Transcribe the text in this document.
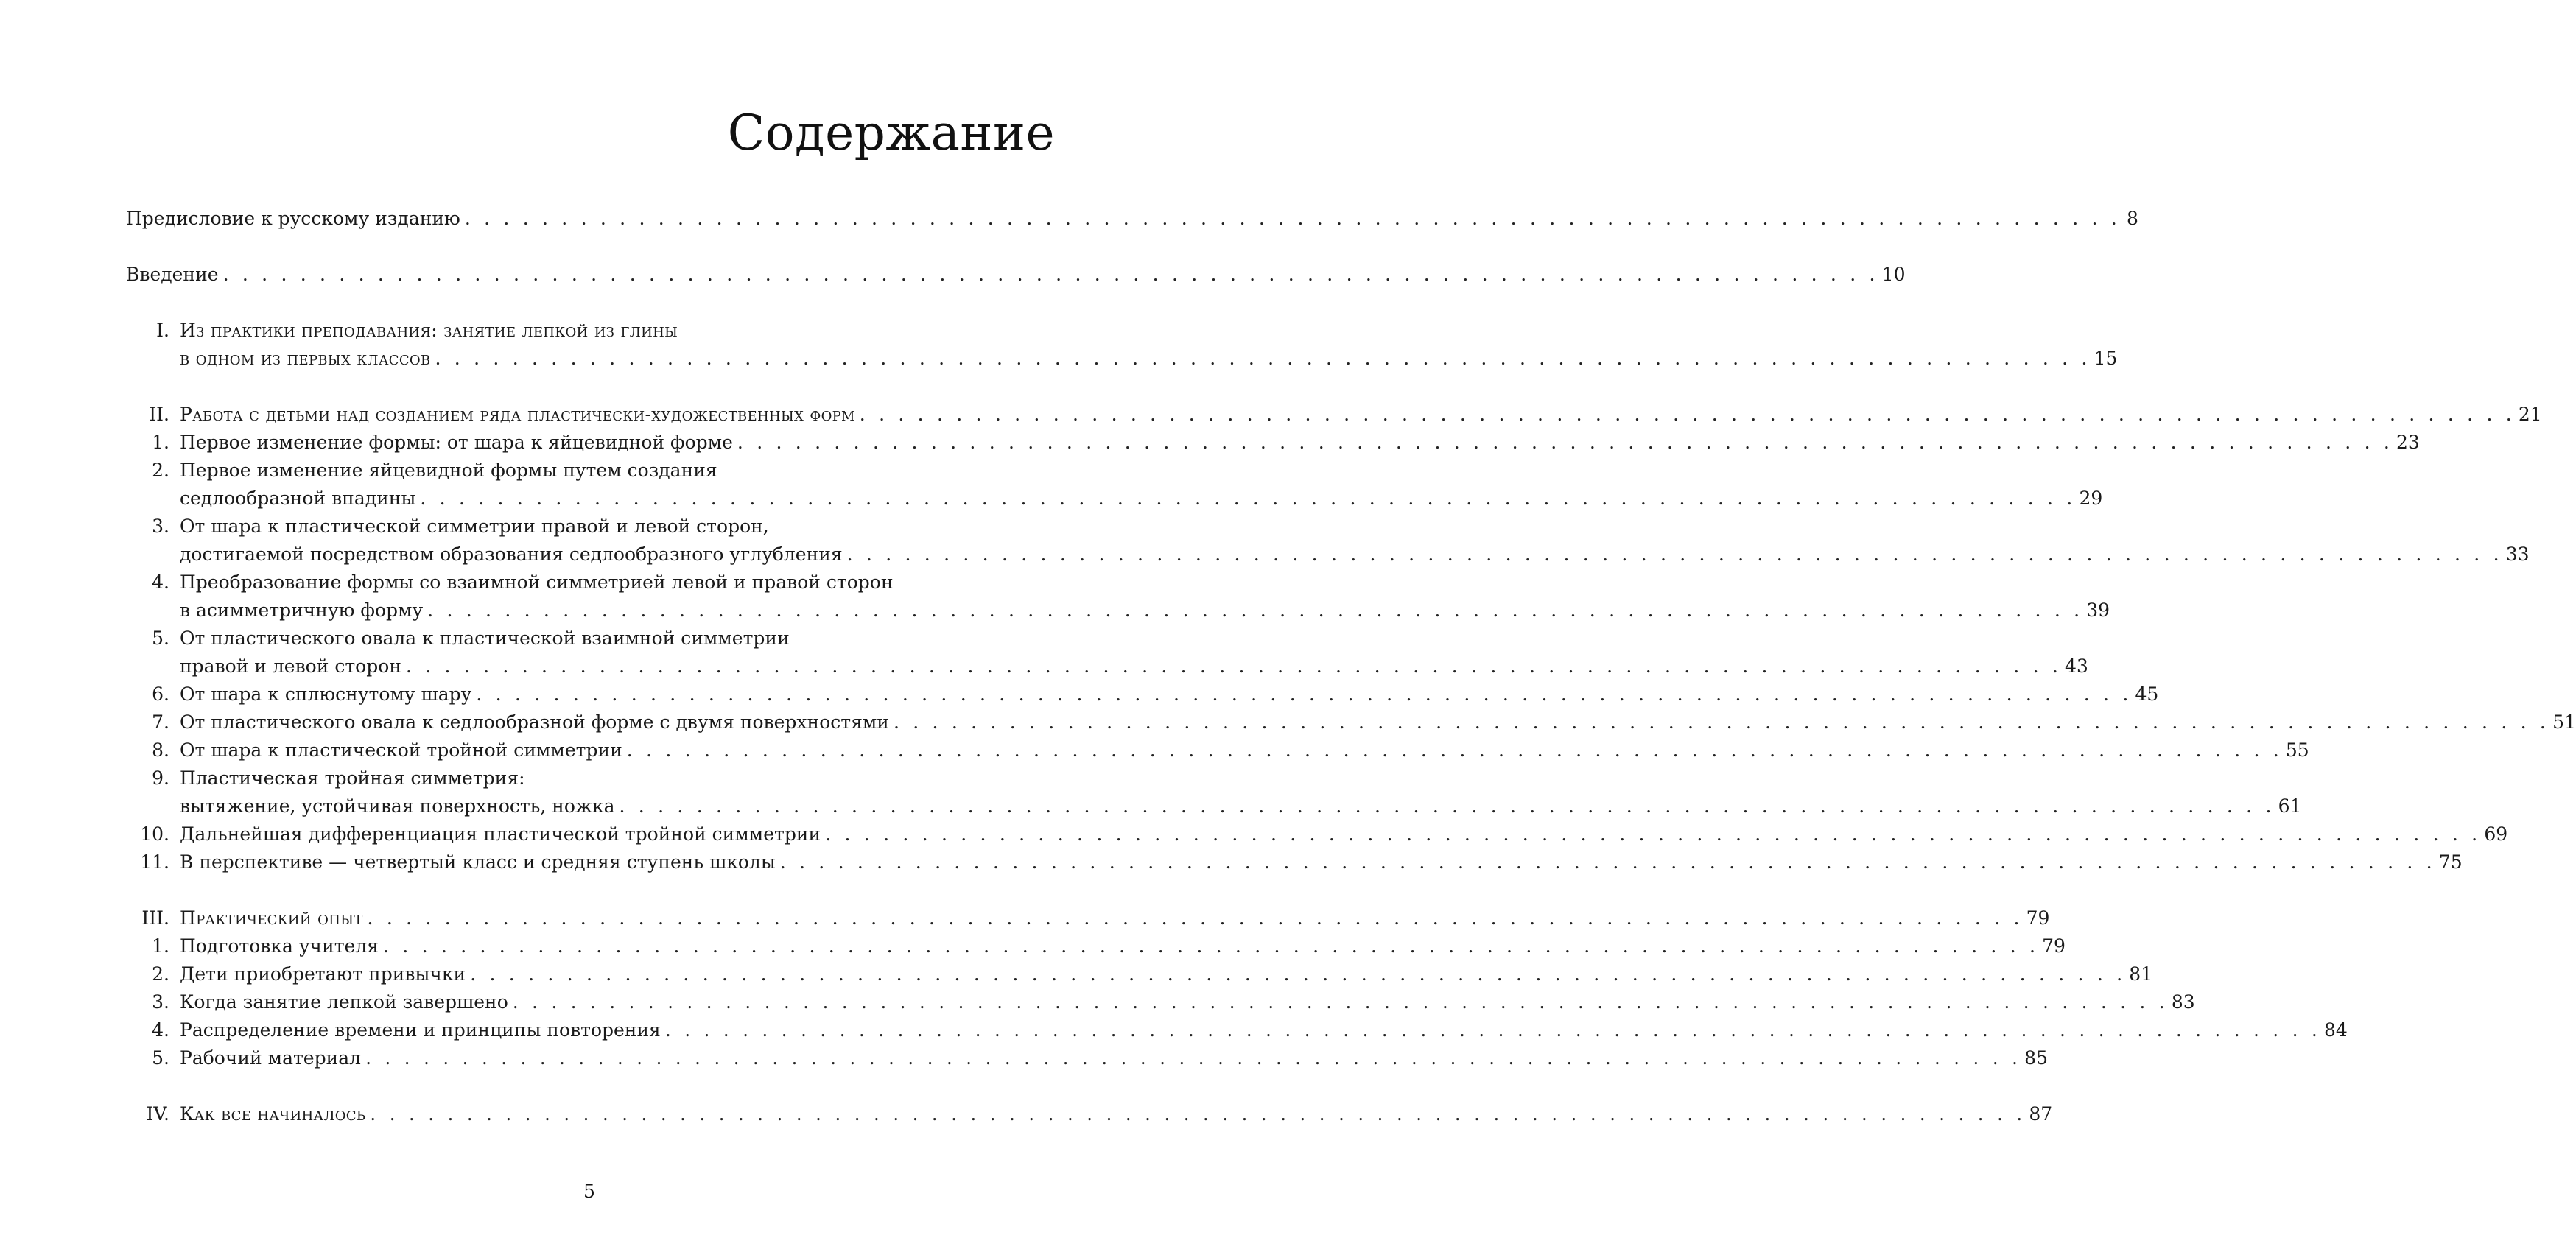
Содержание
Предисловие к русскому изданию . . . . . . . . . . . . . . . . . . . . . . . . . . . . . . . . . . . . . . . . . . . . . . . . . . . . . . . . . . . . . . . . . . . . . . . . . . . . . . . . . . . . . . 8
Введение . . . . . . . . . . . . . . . . . . . . . . . . . . . . . . . . . . . . . . . . . . . . . . . . . . . . . . . . . . . . . . . . . . . . . . . . . . . . . . . . . . . . . . 10
I. Из практики преподавания: занятие лепкой из глины
в одном из первых классов . . . . . . . . . . . . . . . . . . . . . . . . . . . . . . . . . . . . . . . . . . . . . . . . . . . . . . . . . . . . . . . . . . . . . . . . . . . . . . . . . . . . . . 15
II. Работа с детьми над созданием ряда пластически-художественных форм . . . . . . . . . . . . . . . . . . . . . . . . . . . . . . . . . . . . . . . . . . . . . . . . . . . . . . . . . . . . . . . . . . . . . . . . . . . . . . . . . . . . . . 21
1. Первое изменение формы: от шара к яйцевидной форме . . . . . . . . . . . . . . . . . . . . . . . . . . . . . . . . . . . . . . . . . . . . . . . . . . . . . . . . . . . . . . . . . . . . . . . . . . . . . . . . . . . . . . 23
2. Первое изменение яйцевидной формы путем создания
седлообразной впадины . . . . . . . . . . . . . . . . . . . . . . . . . . . . . . . . . . . . . . . . . . . . . . . . . . . . . . . . . . . . . . . . . . . . . . . . . . . . . . . . . . . . . . 29
3. От шара к пластической симметрии правой и левой сторон,
достигаемой посредством образования седлообразного углубления . . . . . . . . . . . . . . . . . . . . . . . . . . . . . . . . . . . . . . . . . . . . . . . . . . . . . . . . . . . . . . . . . . . . . . . . . . . . . . . . . . . . . . 33
4. Преобразование формы со взаимной симметрией левой и правой сторон
в асимметричную форму . . . . . . . . . . . . . . . . . . . . . . . . . . . . . . . . . . . . . . . . . . . . . . . . . . . . . . . . . . . . . . . . . . . . . . . . . . . . . . . . . . . . . . 39
5. От пластического овала к пластической взаимной симметрии
правой и левой сторон . . . . . . . . . . . . . . . . . . . . . . . . . . . . . . . . . . . . . . . . . . . . . . . . . . . . . . . . . . . . . . . . . . . . . . . . . . . . . . . . . . . . . . 43
6. От шара к сплюснутому шару . . . . . . . . . . . . . . . . . . . . . . . . . . . . . . . . . . . . . . . . . . . . . . . . . . . . . . . . . . . . . . . . . . . . . . . . . . . . . . . . . . . . . . 45
7. От пластического овала к седлообразной форме с двумя поверхностями . . . . . . . . . . . . . . . . . . . . . . . . . . . . . . . . . . . . . . . . . . . . . . . . . . . . . . . . . . . . . . . . . . . . . . . . . . . . . . . . . . . . . . 51
8. От шара к пластической тройной симметрии . . . . . . . . . . . . . . . . . . . . . . . . . . . . . . . . . . . . . . . . . . . . . . . . . . . . . . . . . . . . . . . . . . . . . . . . . . . . . . . . . . . . . . 55
9. Пластическая тройная симметрия:
вытяжение, устойчивая поверхность, ножка . . . . . . . . . . . . . . . . . . . . . . . . . . . . . . . . . . . . . . . . . . . . . . . . . . . . . . . . . . . . . . . . . . . . . . . . . . . . . . . . . . . . . . 61
10. Дальнейшая дифференциация пластической тройной симметрии . . . . . . . . . . . . . . . . . . . . . . . . . . . . . . . . . . . . . . . . . . . . . . . . . . . . . . . . . . . . . . . . . . . . . . . . . . . . . . . . . . . . . . 69
11. В перспективе — четвертый класс и средняя ступень школы . . . . . . . . . . . . . . . . . . . . . . . . . . . . . . . . . . . . . . . . . . . . . . . . . . . . . . . . . . . . . . . . . . . . . . . . . . . . . . . . . . . . . . 75
III. Практический опыт . . . . . . . . . . . . . . . . . . . . . . . . . . . . . . . . . . . . . . . . . . . . . . . . . . . . . . . . . . . . . . . . . . . . . . . . . . . . . . . . . . . . . . 79
1. Подготовка учителя . . . . . . . . . . . . . . . . . . . . . . . . . . . . . . . . . . . . . . . . . . . . . . . . . . . . . . . . . . . . . . . . . . . . . . . . . . . . . . . . . . . . . . 79
2. Дети приобретают привычки . . . . . . . . . . . . . . . . . . . . . . . . . . . . . . . . . . . . . . . . . . . . . . . . . . . . . . . . . . . . . . . . . . . . . . . . . . . . . . . . . . . . . . 81
3. Когда занятие лепкой завершено . . . . . . . . . . . . . . . . . . . . . . . . . . . . . . . . . . . . . . . . . . . . . . . . . . . . . . . . . . . . . . . . . . . . . . . . . . . . . . . . . . . . . . 83
4. Распределение времени и принципы повторения . . . . . . . . . . . . . . . . . . . . . . . . . . . . . . . . . . . . . . . . . . . . . . . . . . . . . . . . . . . . . . . . . . . . . . . . . . . . . . . . . . . . . . 84
5. Рабочий материал . . . . . . . . . . . . . . . . . . . . . . . . . . . . . . . . . . . . . . . . . . . . . . . . . . . . . . . . . . . . . . . . . . . . . . . . . . . . . . . . . . . . . . 85
IV. Как все начиналось . . . . . . . . . . . . . . . . . . . . . . . . . . . . . . . . . . . . . . . . . . . . . . . . . . . . . . . . . . . . . . . . . . . . . . . . . . . . . . . . . . . . . . 87
5
